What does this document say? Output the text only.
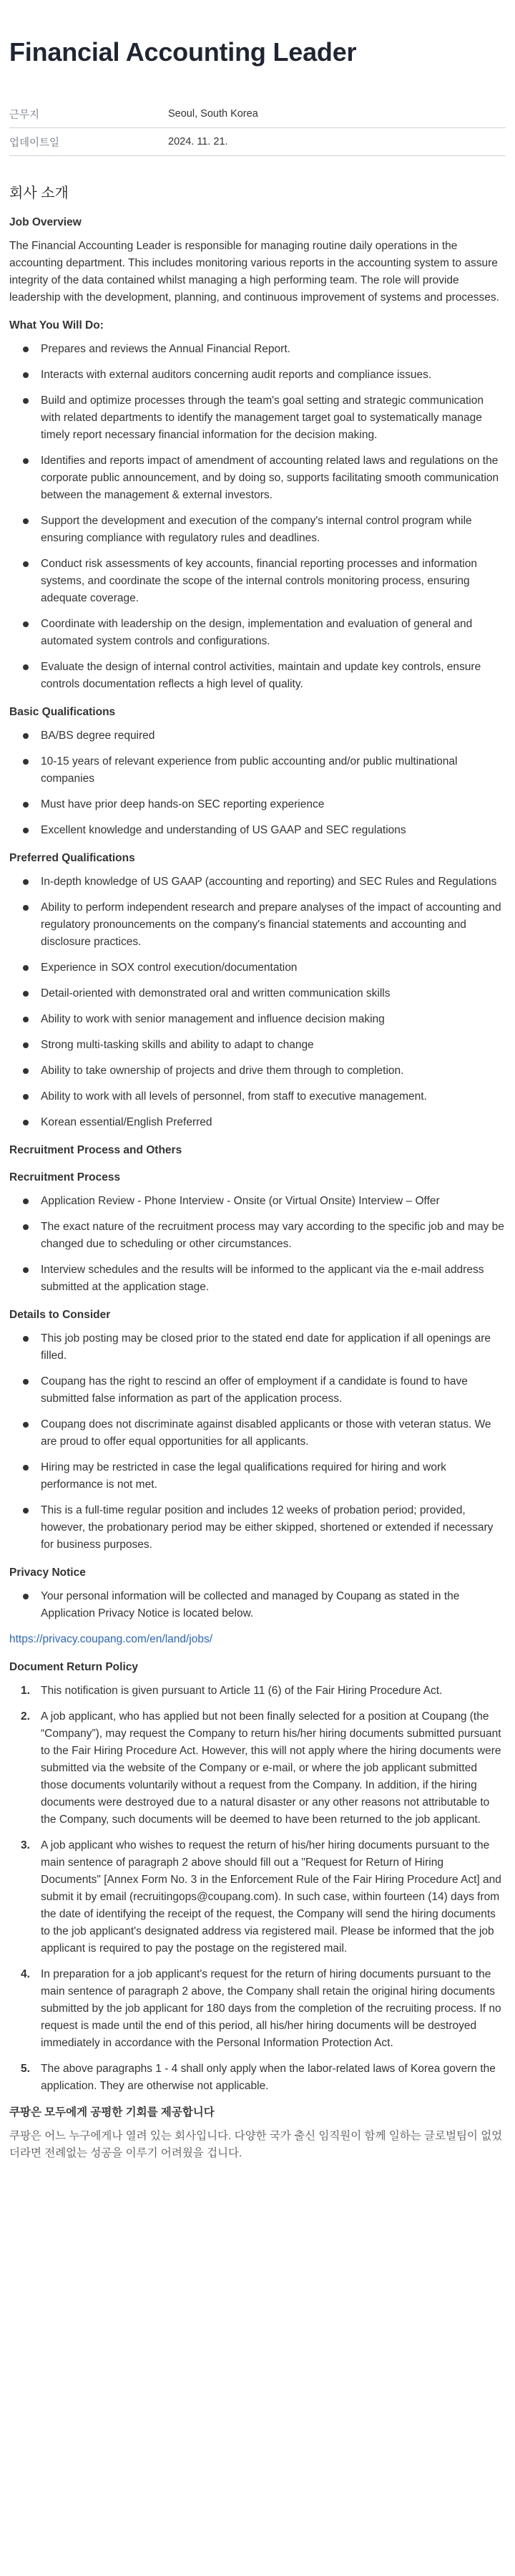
Financial Accounting Leader
근무지	Seoul, South Korea
업데이트일	2024. 11. 21.
회사 소개
Job Overview

The Financial Accounting Leader is responsible for managing routine daily operations in the accounting department. This includes monitoring various reports in the accounting system to assure integrity of the data contained whilst managing a high performing team. The role will provide leadership with the development, planning, and continuous improvement of systems and processes.

What You Will Do:
Prepares and reviews the Annual Financial Report.
Interacts with external auditors concerning audit reports and compliance issues.
Build and optimize processes through the team's goal setting and strategic communication with related departments to identify the management target goal to systematically manage timely report necessary financial information for the decision making.
Identifies and reports impact of amendment of accounting related laws and regulations on the corporate public announcement, and by doing so, supports facilitating smooth communication between the management & external investors.
Support the development and execution of the company's internal control program while ensuring compliance with regulatory rules and deadlines.
Conduct risk assessments of key accounts, financial reporting processes and information systems, and coordinate the scope of the internal controls monitoring process, ensuring adequate coverage.
Coordinate with leadership on the design, implementation and evaluation of general and automated system controls and configurations.
Evaluate the design of internal control activities, maintain and update key controls, ensure controls documentation reflects a high level of quality.
Basic Qualifications
BA/BS degree required
10-15 years of relevant experience from public accounting and/or public multinational companies
Must have prior deep hands-on SEC reporting experience
Excellent knowledge and understanding of US GAAP and SEC regulations
Preferred Qualifications
In-depth knowledge of US GAAP (accounting and reporting) and SEC Rules and Regulations
Ability to perform independent research and prepare analyses of the impact of accounting and regulatory pronouncements on the company's financial statements and accounting and disclosure practices.
Experience in SOX control execution/documentation
Detail-oriented with demonstrated oral and written communication skills
Ability to work with senior management and influence decision making
Strong multi-tasking skills and ability to adapt to change
Ability to take ownership of projects and drive them through to completion.
Ability to work with all levels of personnel, from staff to executive management.
Korean essential/English Preferred
Recruitment Process and Others
Recruitment Process
Application Review - Phone Interview - Onsite (or Virtual Onsite) Interview – Offer
The exact nature of the recruitment process may vary according to the specific job and may be changed due to scheduling or other circumstances.
Interview schedules and the results will be informed to the applicant via the e-mail address submitted at the application stage.
Details to Consider
This job posting may be closed prior to the stated end date for application if all openings are filled.
Coupang has the right to rescind an offer of employment if a candidate is found to have submitted false information as part of the application process.
Coupang does not discriminate against disabled applicants or those with veteran status. We are proud to offer equal opportunities for all applicants.
Hiring may be restricted in case the legal qualifications required for hiring and work performance is not met.
This is a full-time regular position and includes 12 weeks of probation period; provided, however, the probationary period may be either skipped, shortened or extended if necessary for business purposes.
Privacy Notice
Your personal information will be collected and managed by Coupang as stated in the Application Privacy Notice is located below.
https://privacy.coupang.com/en/land/jobs/
Document Return Policy
1. This notification is given pursuant to Article 11 (6) of the Fair Hiring Procedure Act.
2. A job applicant, who has applied but not been finally selected for a position at Coupang (the “Company”), may request the Company to return his/her hiring documents submitted pursuant to the Fair Hiring Procedure Act. However, this will not apply where the hiring documents were submitted via the website of the Company or e-mail, or where the job applicant submitted those documents voluntarily without a request from the Company. In addition, if the hiring documents were destroyed due to a natural disaster or any other reasons not attributable to the Company, such documents will be deemed to have been returned to the job applicant.
3. A job applicant who wishes to request the return of his/her hiring documents pursuant to the main sentence of paragraph 2 above should fill out a "Request for Return of Hiring Documents" [Annex Form No. 3 in the Enforcement Rule of the Fair Hiring Procedure Act] and submit it by email (recruitingops@coupang.com). In such case, within fourteen (14) days from the date of identifying the receipt of the request, the Company will send the hiring documents to the job applicant's designated address via registered mail. Please be informed that the job applicant is required to pay the postage on the registered mail.
4. In preparation for a job applicant's request for the return of hiring documents pursuant to the main sentence of paragraph 2 above, the Company shall retain the original hiring documents submitted by the job applicant for 180 days from the completion of the recruiting process. If no request is made until the end of this period, all his/her hiring documents will be destroyed immediately in accordance with the Personal Information Protection Act.
5. The above paragraphs 1 - 4 shall only apply when the labor-related laws of Korea govern the application. They are otherwise not applicable.
쿠팡은 모두에게 공평한 기회를 제공합니다

쿠팡은 어느 누구에게나 열려 있는 회사입니다. 다양한 국가 출신 임직원이 함께 일하는 글로벌팀이 없었더라면 전례없는 성공을 이루기 어려웠을 겁니다.
